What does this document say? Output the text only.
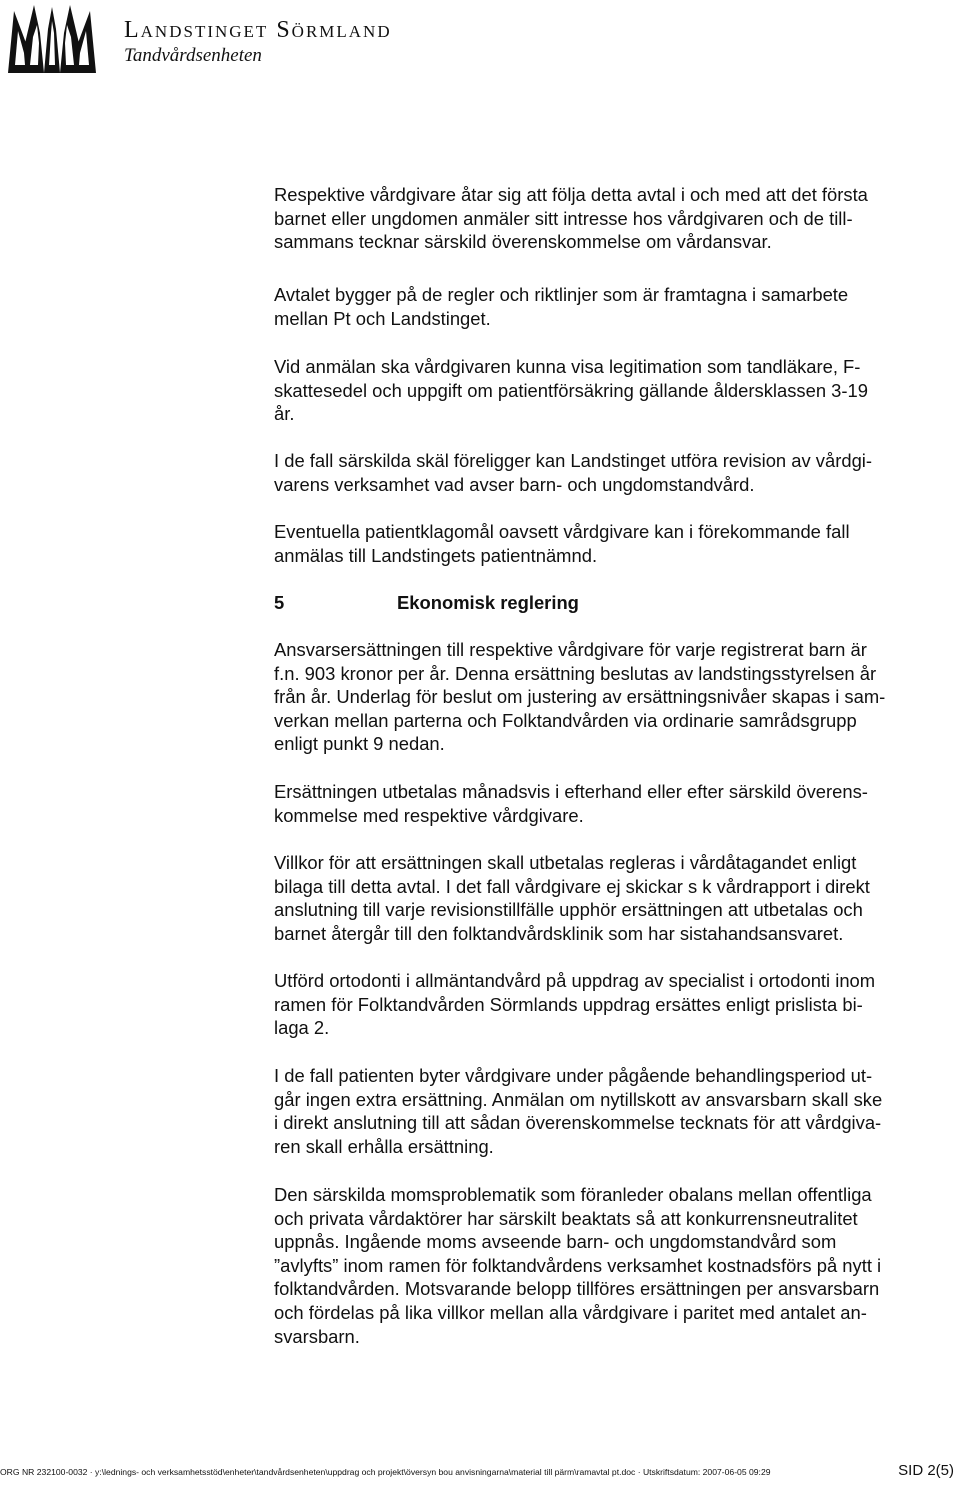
Landstinget Sörmland
Tandvårdsenheten

Respektive vårdgivare åtar sig att följa detta avtal i och med att det första
barnet eller ungdomen anmäler sitt intresse hos vårdgivaren och de till-
sammans tecknar särskild överenskommelse om vårdansvar.

Avtalet bygger på de regler och riktlinjer som är framtagna i samarbete
mellan Pt och Landstinget.

Vid anmälan ska vårdgivaren kunna visa legitimation som tandläkare, F-
skattesedel och uppgift om patientförsäkring gällande åldersklassen 3-19
år.

I de fall särskilda skäl föreligger kan Landstinget utföra revision av vårdgi-
varens verksamhet vad avser barn- och ungdomstandvård.

Eventuella patientklagomål oavsett vårdgivare kan i förekommande fall
anmälas till Landstingets patientnämnd.

5	Ekonomisk reglering

Ansvarsersättningen till respektive vårdgivare för varje registrerat barn är
f.n. 903 kronor per år. Denna ersättning beslutas av landstingsstyrelsen år
från år. Underlag för beslut om justering av ersättningsnivåer skapas i sam-
verkan mellan parterna och Folktandvården via ordinarie samrådsgrupp
enligt punkt 9 nedan.

Ersättningen utbetalas månadsvis i efterhand eller efter särskild överens-
kommelse med respektive vårdgivare.

Villkor för att ersättningen skall utbetalas regleras i vårdåtagandet enligt
bilaga till detta avtal. I det fall vårdgivare ej skickar s k vårdrapport i direkt
anslutning till varje revisionstillfälle upphör ersättningen att utbetalas och
barnet återgår till den folktandvårdsklinik som har sistahandsansvaret.

Utförd ortodonti i allmäntandvård på uppdrag av specialist i ortodonti inom
ramen för Folktandvården Sörmlands uppdrag ersättes enligt prislista bi-
laga 2.

I de fall patienten byter vårdgivare under pågående behandlingsperiod ut-
går ingen extra ersättning. Anmälan om nytillskott av ansvarsbarn skall ske
i direkt anslutning till att sådan överenskommelse tecknats för att vårdgiva-
ren skall erhålla ersättning.

Den särskilda momsproblematik som föranleder obalans mellan offentliga
och privata vårdaktörer har särskilt beaktats så att konkurrensneutralitet
uppnås. Ingående moms avseende barn- och ungdomstandvård som
”avlyfts” inom ramen för folktandvårdens verksamhet kostnadsförs på nytt i
folktandvården. Motsvarande belopp tillföres ersättningen per ansvarsbarn
och fördelas på lika villkor mellan alla vårdgivare i paritet med antalet an-
svarsbarn.

ORG NR 232100-0032 · y:\lednings- och verksamhetsstöd\enheter\tandvårdsenheten\uppdrag och projekt\översyn bou anvisningarna\material till pärm\ramavtal pt.doc · Utskriftsdatum: 2007-06-05 09:29	SID 2(5)
